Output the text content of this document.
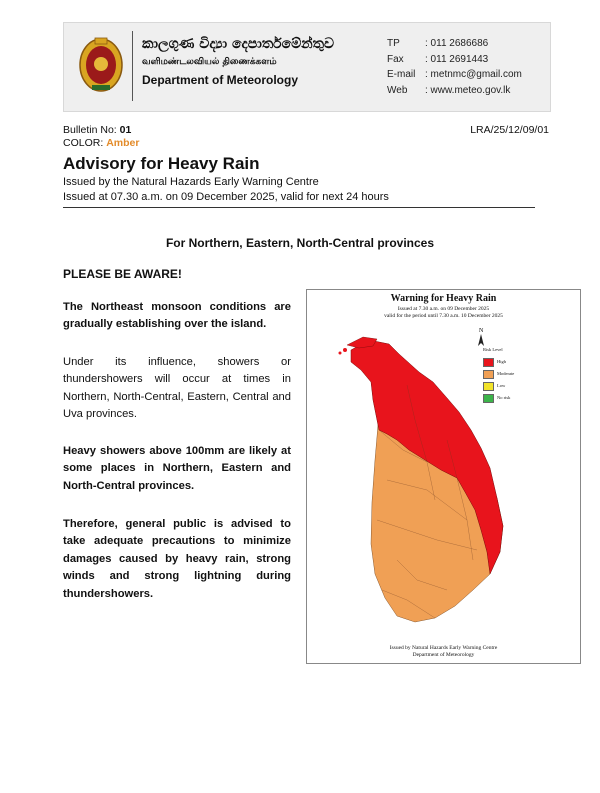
කාලගුණ විද්‍යා දෙපාර්තමේන්තුව
வளிமண்டலவியல் திணைக்களம்
Department of Meteorology
TP	: 011 2686686
Fax : 011 2691443
E-mail : metnmc@gmail.com
Web : www.meteo.gov.lk
Bulletin No: 01
COLOR: Amber
LRA/25/12/09/01
Advisory for Heavy Rain
Issued by the Natural Hazards Early Warning Centre
Issued at 07.30 a.m. on 09 December 2025, valid for next 24 hours
For Northern, Eastern, North-Central provinces
PLEASE BE AWARE!
The Northeast monsoon conditions are gradually establishing over the island.
Under its influence, showers or thundershowers will occur at times in Northern, North-Central, Eastern, Central and Uva provinces.
Heavy showers above 100mm are likely at some places in Northern, Eastern and North-Central provinces.
Therefore, general public is advised to take adequate precautions to minimize damages caused by heavy rain, strong winds and strong lightning during thundershowers.
Warning for Heavy Rain
Issued at 7.30 a.m. on 09 December 2025
valid for the period until 7.30 a.m. 10 December 2025
N
Risk Level
High
Moderate
Low
No risk
Issued by Natural Hazards Early Warning Centre
Department of Meteorology
